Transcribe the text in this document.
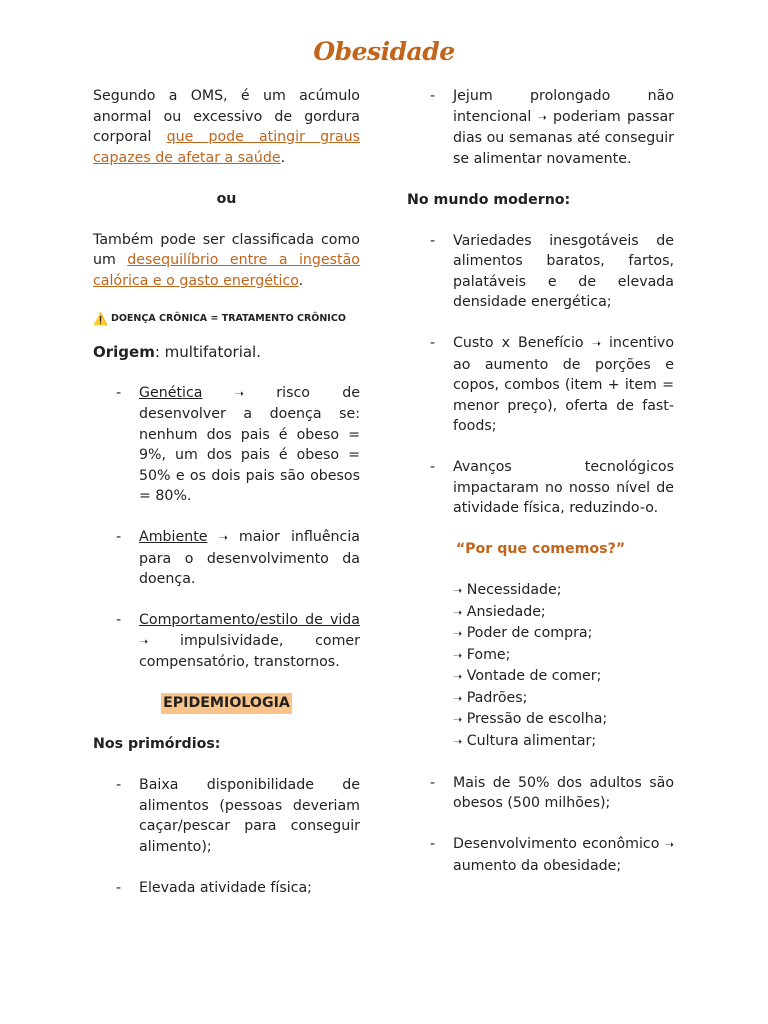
Obesidade

Segundo a OMS, é um acúmulo anormal ou excessivo de gordura corporal que pode atingir graus capazes de afetar a saúde.

ou

Também pode ser classificada como um desequilíbrio entre a ingestão calórica e o gasto energético.

⚠️ DOENÇA CRÔNICA = TRATAMENTO CRÔNICO

Origem: multifatorial.

- Genética	➝ risco de desenvolver a doença se: nenhum dos pais é obeso = 9%, um dos pais é obeso = 50% e os dois pais são obesos = 80%.
- Ambiente ➝ maior influência para o desenvolvimento da doença.
- Comportamento/estilo de vida ➝ impulsividade, comer compensatório, transtornos.

EPIDEMIOLOGIA

Nos primórdios:

- Baixa disponibilidade de alimentos (pessoas deveriam caçar/pescar para conseguir alimento);
- Elevada atividade física;
- Jejum prolongado não intencional ➝ poderiam passar dias ou semanas até conseguir se alimentar novamente.

No mundo moderno:

- Variedades inesgotáveis de alimentos baratos, fartos, palatáveis e de elevada densidade energética;
- Custo x Benefício ➝ incentivo ao aumento de porções e copos, combos (item + item = menor preço), oferta de fast-foods;
- Avanços tecnológicos impactaram no nosso nível de atividade física, reduzindo-o.

“Por que comemos?”

➝ Necessidade;
➝ Ansiedade;
➝ Poder de compra;
➝ Fome;
➝ Vontade de comer;
➝ Padrões;
➝ Pressão de escolha;
➝ Cultura alimentar;
- Mais de 50% dos adultos são obesos (500 milhões);
- Desenvolvimento econômico ➝ aumento da obesidade;
